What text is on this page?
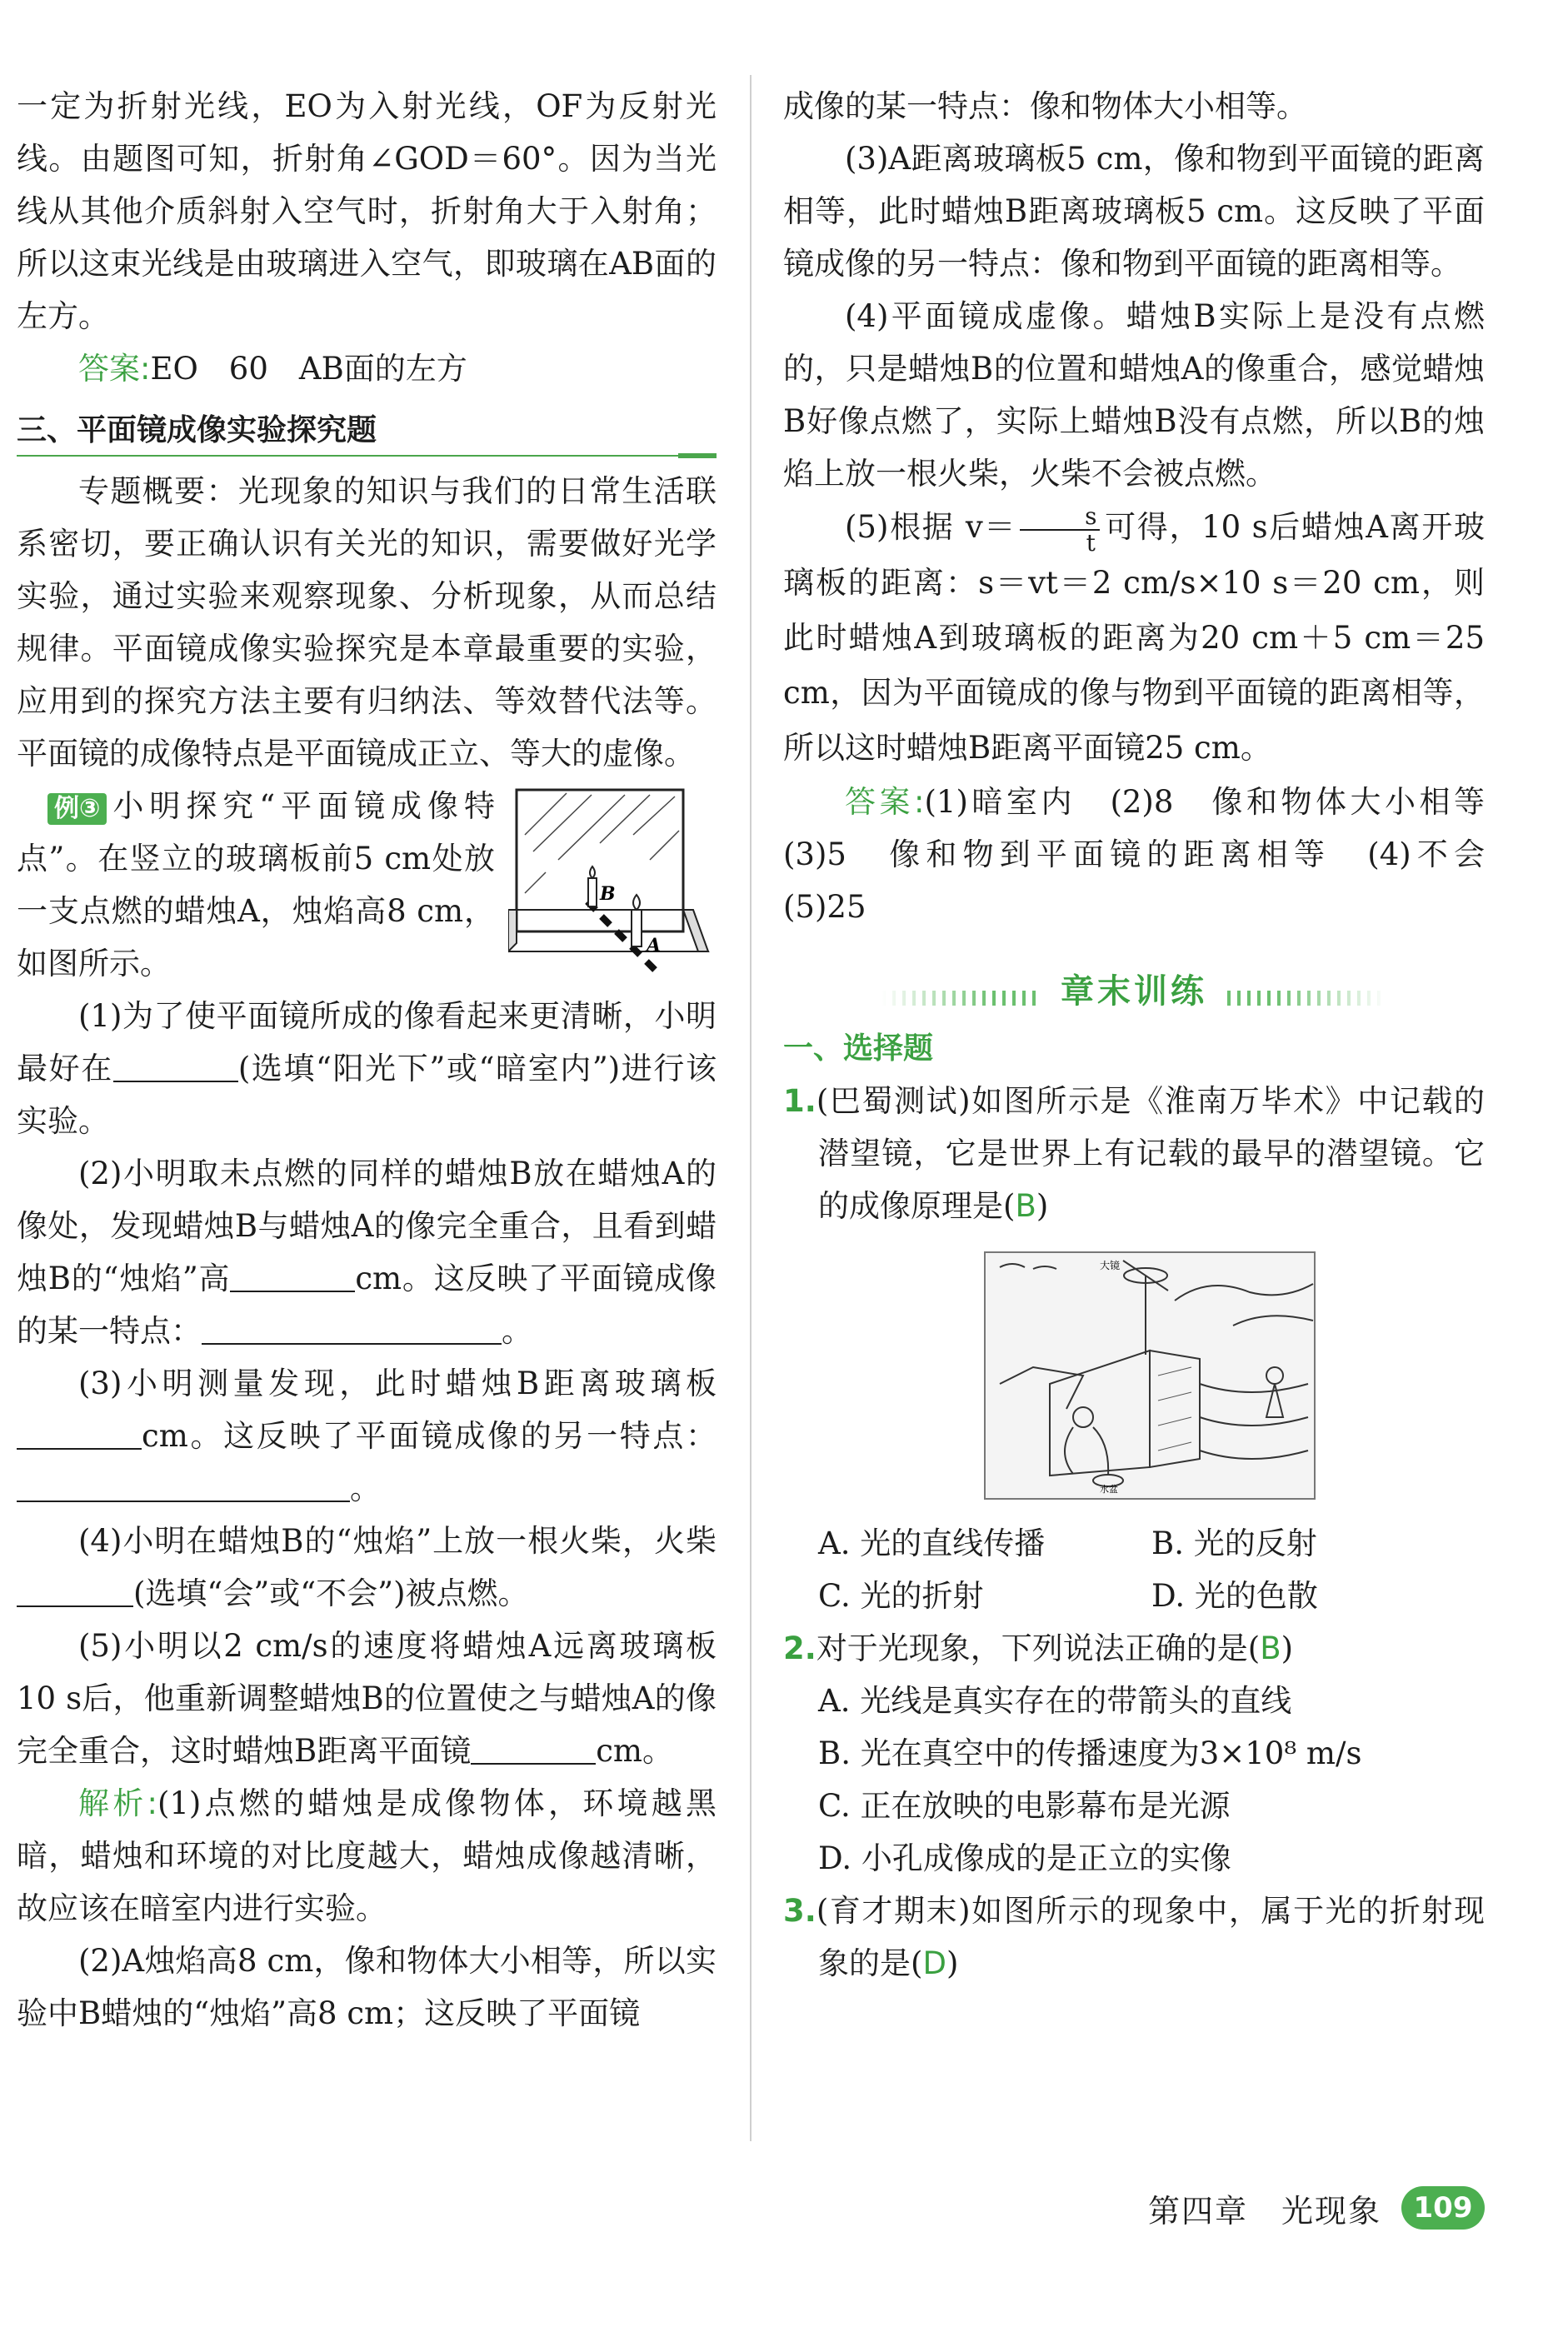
一定为折射光线，EO为入射光线，OF为反射光线。由题图可知，折射角∠GOD＝60°。因为当光线从其他介质斜射入空气时，折射角大于入射角；所以这束光线是由玻璃进入空气，即玻璃在AB面的左方。

答案:EO　60　AB面的左方

三、平面镜成像实验探究题

专题概要：光现象的知识与我们的日常生活联系密切，要正确认识有关光的知识，需要做好光学实验，通过实验来观察现象、分析现象，从而总结规律。平面镜成像实验探究是本章最重要的实验，应用到的探究方法主要有归纳法、等效替代法等。平面镜的成像特点是平面镜成正立、等大的虚像。

B
A

 例③ 小明探究“平面镜成像特点”。在竖立的玻璃板前5 cm处放一支点燃的蜡烛A，烛焰高8 cm，如图所示。

(1)为了使平面镜所成的像看起来更清晰，小明最好在	(选填“阳光下”或“暗室内”)进行该实验。

(2)小明取未点燃的同样的蜡烛B放在蜡烛A的像处，发现蜡烛B与蜡烛A的像完全重合，且看到蜡烛B的“烛焰”高	cm。这反映了平面镜成像的某一特点：	。

(3)小明测量发现，此时蜡烛B距离玻璃板cm。这反映了平面镜成像的另一特点：。

(4)小明在蜡烛B的“烛焰”上放一根火柴，火柴(选填“会”或“不会”)被点燃。

(5)小明以2 cm/s的速度将蜡烛A远离玻璃板10 s后，他重新调整蜡烛B的位置使之与蜡烛A的像完全重合，这时蜡烛B距离平面镜	cm。

解析:(1)点燃的蜡烛是成像物体，环境越黑暗，蜡烛和环境的对比度越大，蜡烛成像越清晰，故应该在暗室内进行实验。

(2)A烛焰高8 cm，像和物体大小相等，所以实验中B蜡烛的“烛焰”高8 cm；这反映了平面镜

成像的某一特点：像和物体大小相等。

(3)A距离玻璃板5 cm，像和物到平面镜的距离相等，此时蜡烛B距离玻璃板5 cm。这反映了平面镜成像的另一特点：像和物到平面镜的距离相等。

(4)平面镜成虚像。蜡烛B实际上是没有点燃的，只是蜡烛B的位置和蜡烛A的像重合，感觉蜡烛B好像点燃了，实际上蜡烛B没有点燃，所以B的烛焰上放一根火柴，火柴不会被点燃。

(5)根据 $v= \frac{s}{t}$ 可得，10 s后蜡烛A离开玻璃板的距离：s＝vt＝2 cm/s×10 s＝20 cm，则此时蜡烛A到玻璃板的距离为20 cm＋5 cm＝25 cm，因为平面镜成的像与物到平面镜的距离相等，所以这时蜡烛B距离平面镜25 cm。

答案:(1)暗室内　(2)8　像和物体大小相等　(3)5　像和物到平面镜的距离相等　(4)不会　(5)25

章末训练
一、选择题

1.(巴蜀测试)如图所示是《淮南万毕术》中记载的潜望镜，它是世界上有记载的最早的潜望镜。它的成像原理是(B)

大镜
水盆

A. 光的直线传播	B. 光的反射

C. 光的折射	D. 光的色散

2.对于光现象，下列说法正确的是(B)

A. 光线是真实存在的带箭头的直线

B. 光在真空中的传播速度为3×10⁸ m/s

C. 正在放映的电影幕布是光源

D. 小孔成像成的是正立的实像

3.(育才期末)如图所示的现象中，属于光的折射现象的是(D)

第四章　光现象	109
